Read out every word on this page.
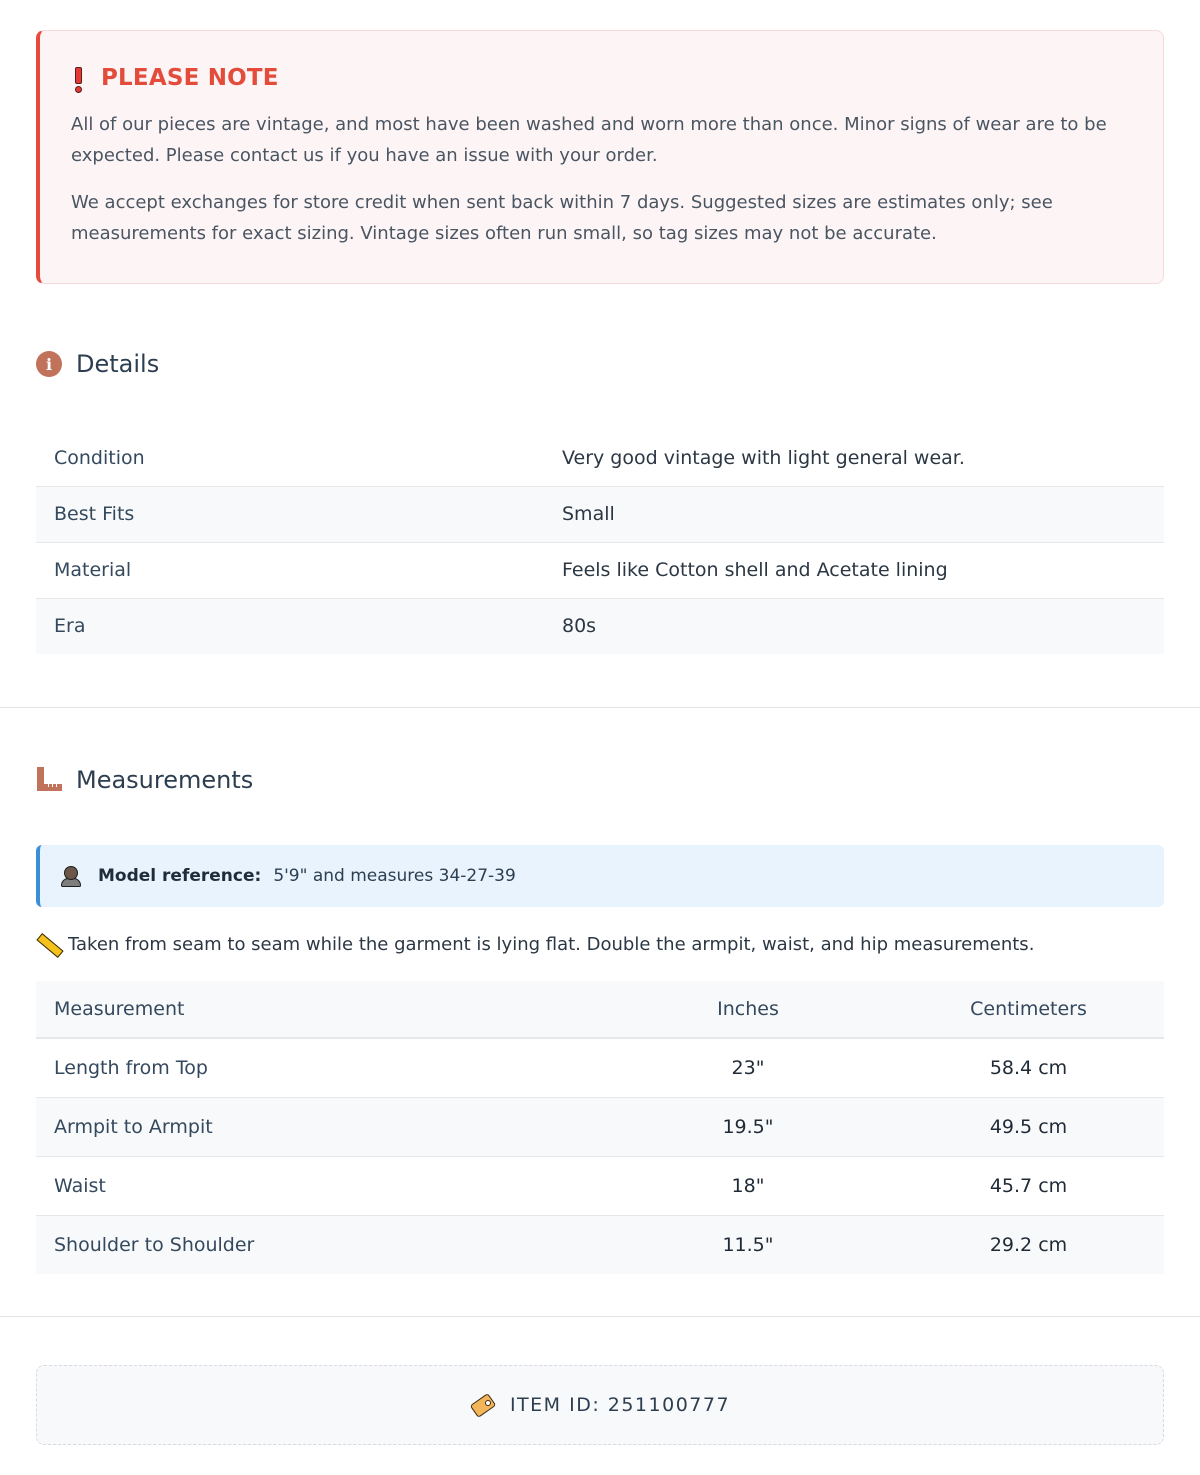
PLEASE NOTE

All of our pieces are vintage, and most have been washed and worn more than once. Minor signs of wear are to be expected. Please contact us if you have an issue with your order.

We accept exchanges for store credit when sent back within 7 days. Suggested sizes are estimates only; see measurements for exact sizing. Vintage sizes often run small, so tag sizes may not be accurate.

i Details
Condition	Very good vintage with light general wear.
Best Fits	Small
Material	Feels like Cotton shell and Acetate lining
Era	80s
Measurements
Model reference: 5'9" and measures 34-27-39
Taken from seam to seam while the garment is lying flat. Double the armpit, waist, and hip measurements.
Measurement	Inches	Centimeters
Length from Top	23"	58.4 cm
Armpit to Armpit	19.5"	49.5 cm
Waist	18"	45.7 cm
Shoulder to Shoulder	11.5"	29.2 cm
ITEM ID: 251100777
